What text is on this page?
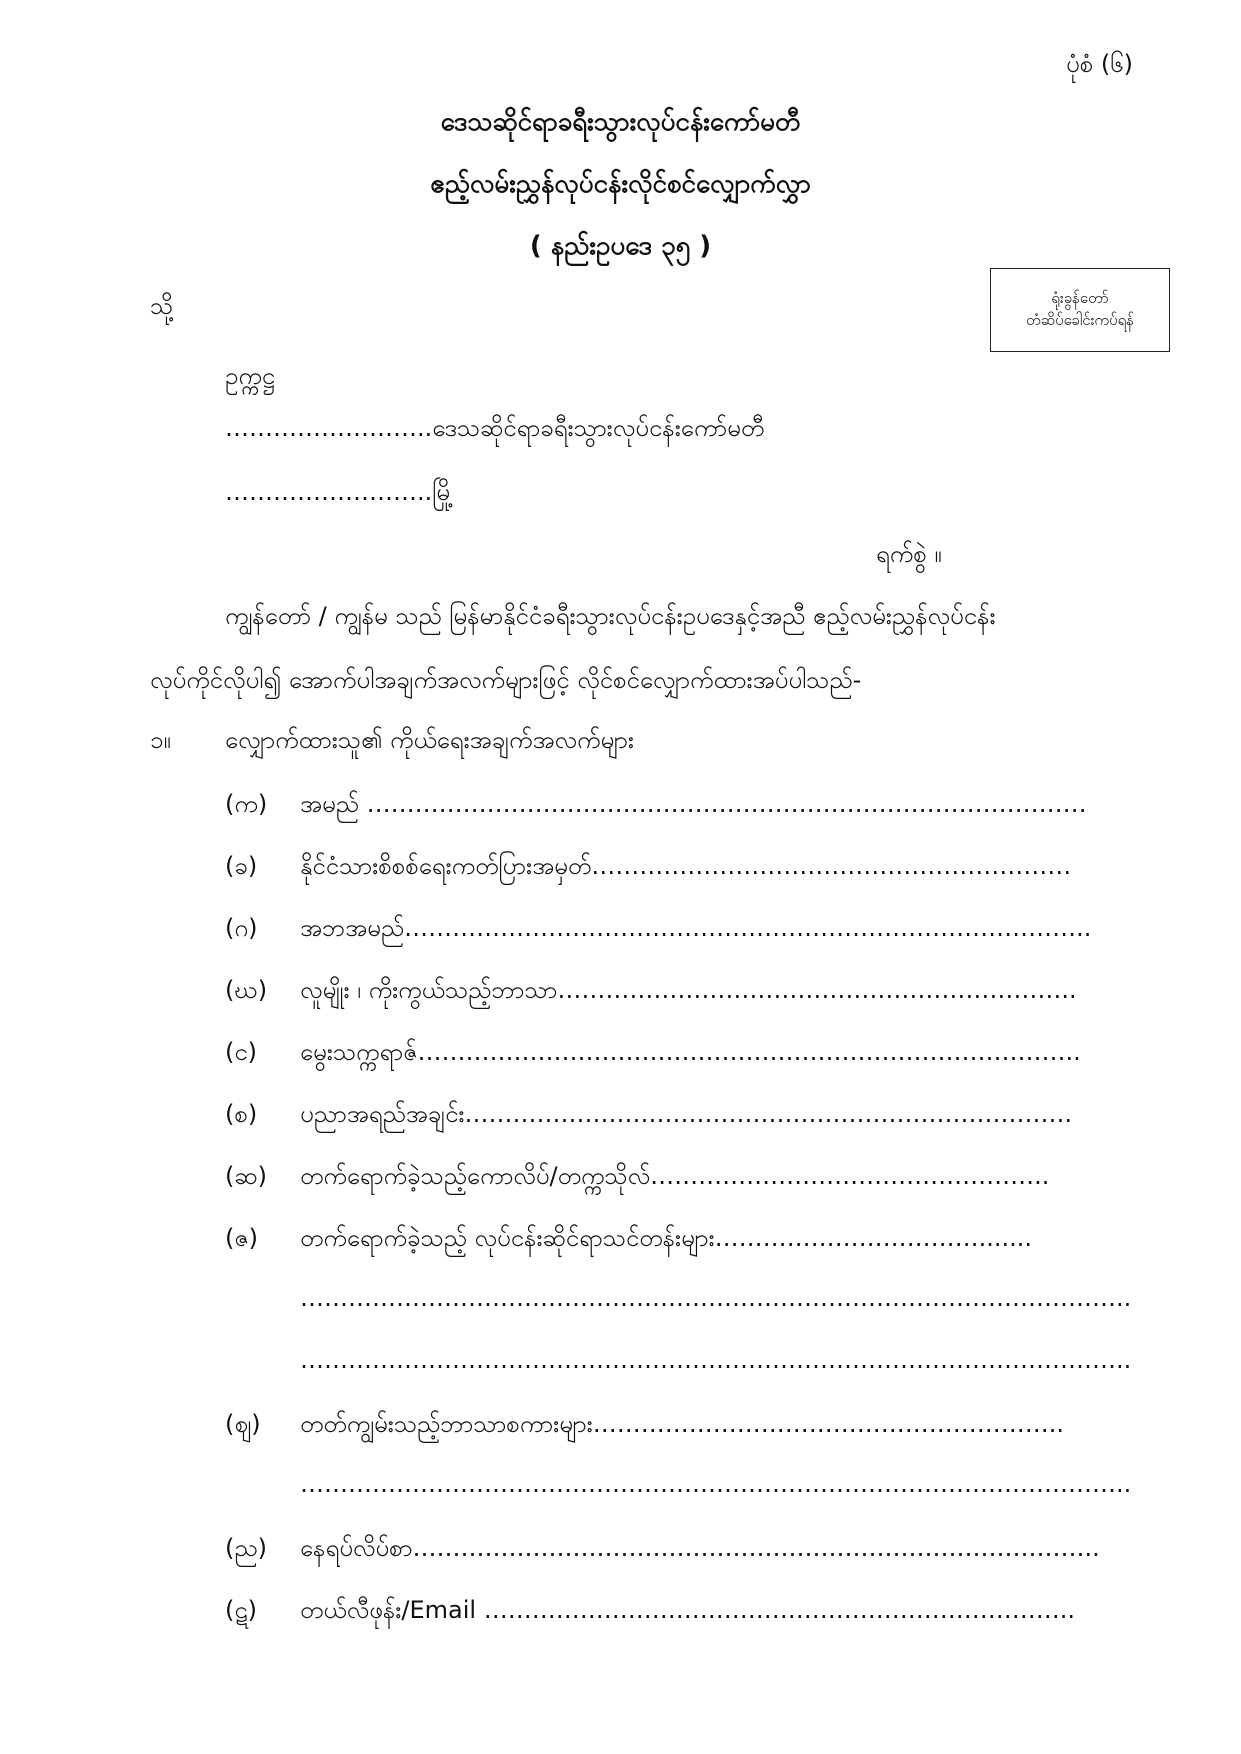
ပုံစံ (၆)
ဒေသဆိုင်ရာခရီးသွားလုပ်ငန်းကော်မတီ
ဧည့်လမ်းညွှန်လုပ်ငန်းလိုင်စင်လျှောက်လွှာ
( နည်းဥပဒေ ၃၅ )
ရုံးခွန်တော်
တံဆိပ်ခေါင်းကပ်ရန်
သို့
ဥက္ကဋ္ဌ
……………………..ဒေသဆိုင်ရာခရီးသွားလုပ်ငန်းကော်မတီ
……………………..မြို့
ရက်စွဲ ။
ကျွန်တော် / ကျွန်မ သည် မြန်မာနိုင်ငံခရီးသွားလုပ်ငန်းဥပဒေနှင့်အညီ ဧည့်လမ်းညွှန်လုပ်ငန်း
လုပ်ကိုင်လိုပါ၍ အောက်ပါအချက်အလက်များဖြင့် လိုင်စင်လျှောက်ထားအပ်ပါသည်-
၁။ လျှောက်ထားသူ၏ ကိုယ်ရေးအချက်အလက်များ
(က) အမည် ………………………………………………………………………………
(ခ) နိုင်ငံသားစိစစ်ရေးကတ်ပြားအမှတ်……………………………………………………
(ဂ) အဘအမည်…………………………………………………………………………..
(ဃ) လူမျိုး ၊ ကိုးကွယ်သည့်ဘာသာ………………………………………………………..
(င) မွေးသက္ကရာဇ်………………………………………………………………………..
(စ) ပညာအရည်အချင်း………………………………………………………………….
(ဆ) တက်ရောက်ခဲ့သည့်ကောလိပ်/တက္ကသိုလ်…………………………………………..
(ဇ) တက်ရောက်ခဲ့သည့် လုပ်ငန်းဆိုင်ရာသင်တန်းများ…………………………….......
…………………………………………………………………………………………..
…………………………………………………………………………………………..
(ဈ) တတ်ကျွမ်းသည့်ဘာသာစကားများ…………………………………………………..
…………………………………………………………………………………………..
(ည) နေရပ်လိပ်စာ…………………………………………………………………………..
(ဋ) တယ်လီဖုန်း/Email ………………………………………………………………..
